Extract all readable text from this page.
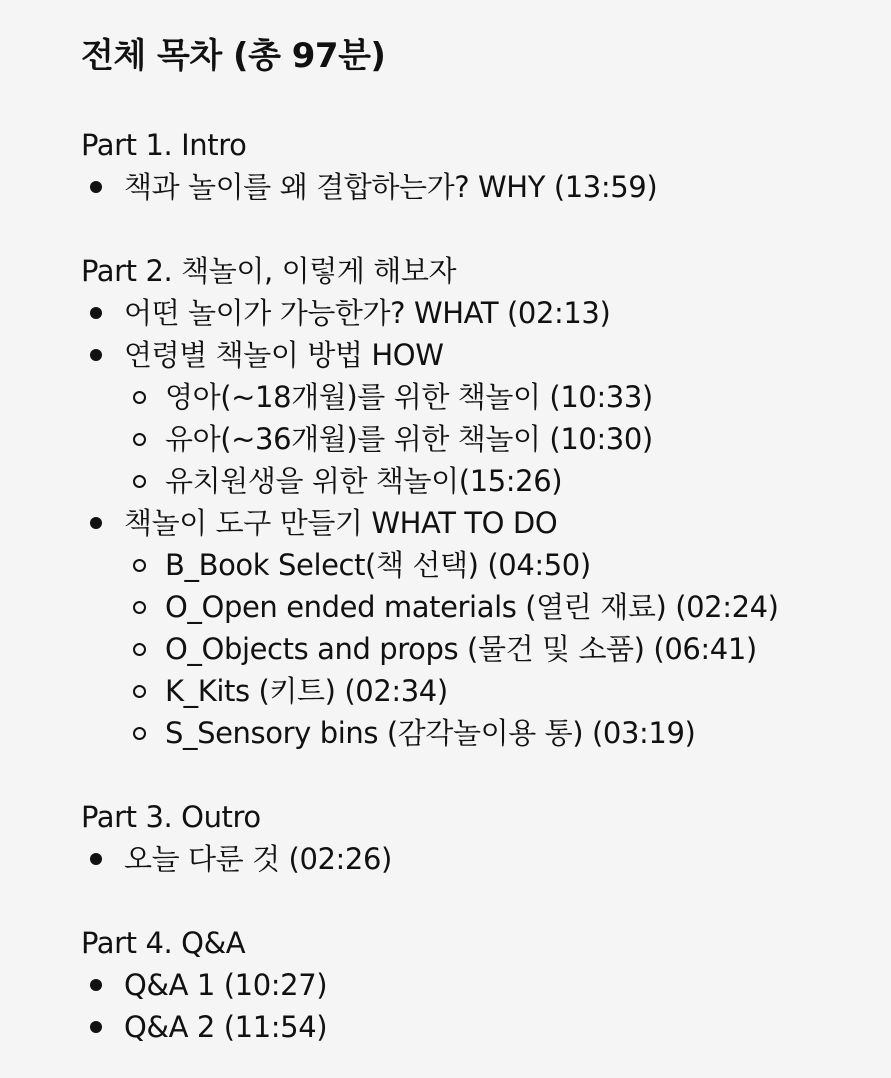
전체 목차 (총 97분)
Part 1. Intro
책과 놀이를 왜 결합하는가? WHY (13:59)
Part 2. 책놀이, 이렇게 해보자
어떤 놀이가 가능한가? WHAT (02:13)
연령별 책놀이 방법 HOW
영아(~18개월)를 위한 책놀이 (10:33)
유아(~36개월)를 위한 책놀이 (10:30)
유치원생을 위한 책놀이(15:26)
책놀이 도구 만들기 WHAT TO DO
B_Book Select(책 선택) (04:50)
O_Open ended materials (열린 재료) (02:24)
O_Objects and props (물건 및 소품) (06:41)
K_Kits (키트) (02:34)
S_Sensory bins (감각놀이용 통) (03:19)
Part 3. Outro
오늘 다룬 것 (02:26)
Part 4. Q&A
Q&A 1 (10:27)
Q&A 2 (11:54)
